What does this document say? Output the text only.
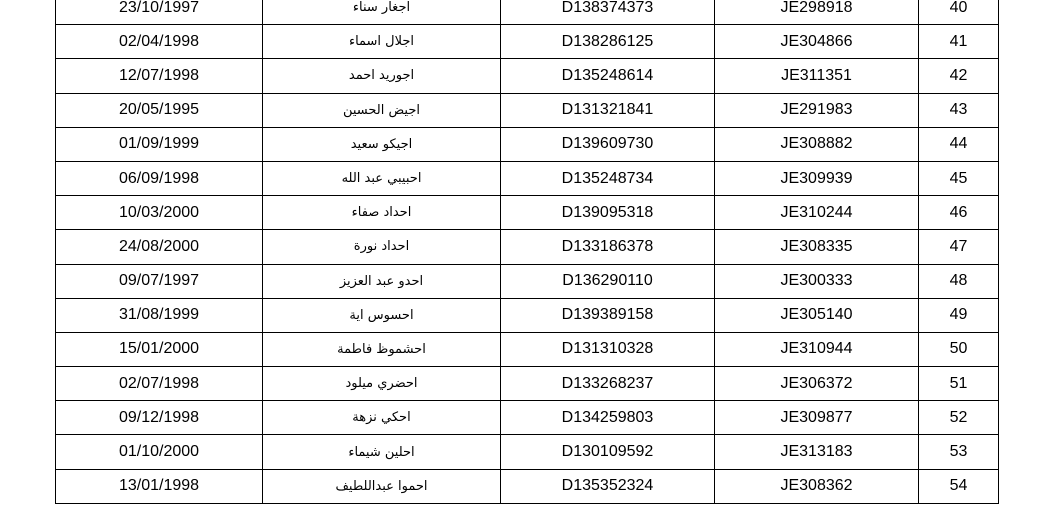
23/10/1997	اجغار سناء	D138374373	JE298918	40
02/04/1998	اجلال اسماء	D138286125	JE304866	41
12/07/1998	اجوريد احمد	D135248614	JE311351	42
20/05/1995	اجيض الحسين	D131321841	JE291983	43
01/09/1999	اجيكو سعيد	D139609730	JE308882	44
06/09/1998	احبيبي عبد الله	D135248734	JE309939	45
10/03/2000	احداد صفاء	D139095318	JE310244	46
24/08/2000	احداد نورة	D133186378	JE308335	47
09/07/1997	احدو عبد العزيز	D136290110	JE300333	48
31/08/1999	احسوس اية	D139389158	JE305140	49
15/01/2000	احشموظ فاطمة	D131310328	JE310944	50
02/07/1998	احضري ميلود	D133268237	JE306372	51
09/12/1998	احكي نزهة	D134259803	JE309877	52
01/10/2000	احلين شيماء	D130109592	JE313183	53
13/01/1998	احموا عبداللطيف	D135352324	JE308362	54
